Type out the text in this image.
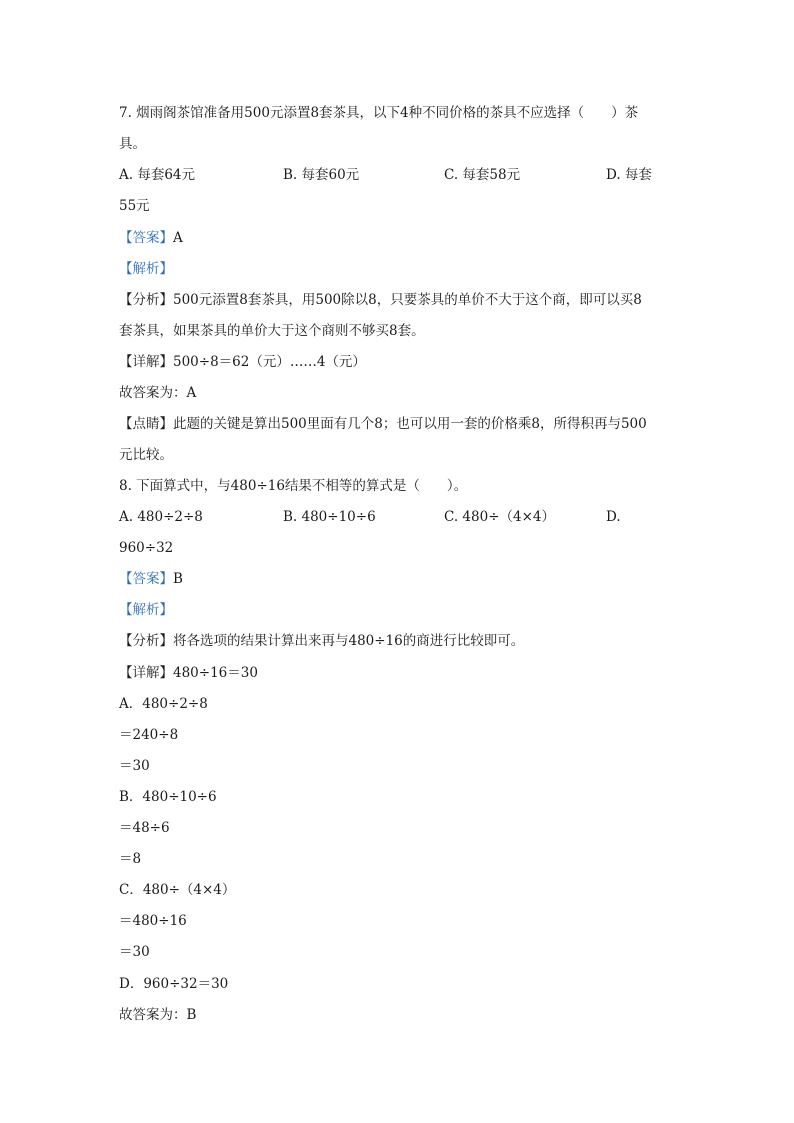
7. 烟雨阁茶馆准备用500元添置8套茶具，以下4种不同价格的茶具不应选择（　　）茶
具。
A. 每套64元	B. 每套60元	C. 每套58元	D. 每套
55元
【答案】A
【解析】
【分析】500元添置8套茶具，用500除以8，只要茶具的单价不大于这个商，即可以买8
套茶具，如果茶具的单价大于这个商则不够买8套。
【详解】500÷8＝62（元）……4（元）
故答案为：A
【点睛】此题的关键是算出500里面有几个8；也可以用一套的价格乘8，所得积再与500
元比较。
8. 下面算式中，与480÷16结果不相等的算式是（　　）。
A. 480÷2÷8	B. 480÷10÷6	C. 480÷（4×4）	D.
960÷32
【答案】B
【解析】
【分析】将各选项的结果计算出来再与480÷16的商进行比较即可。
【详解】480÷16＝30
A．480÷2÷8
＝240÷8
＝30
B．480÷10÷6
＝48÷6
＝8
C．480÷（4×4）
＝480÷16
＝30
D．960÷32＝30
故答案为：B
